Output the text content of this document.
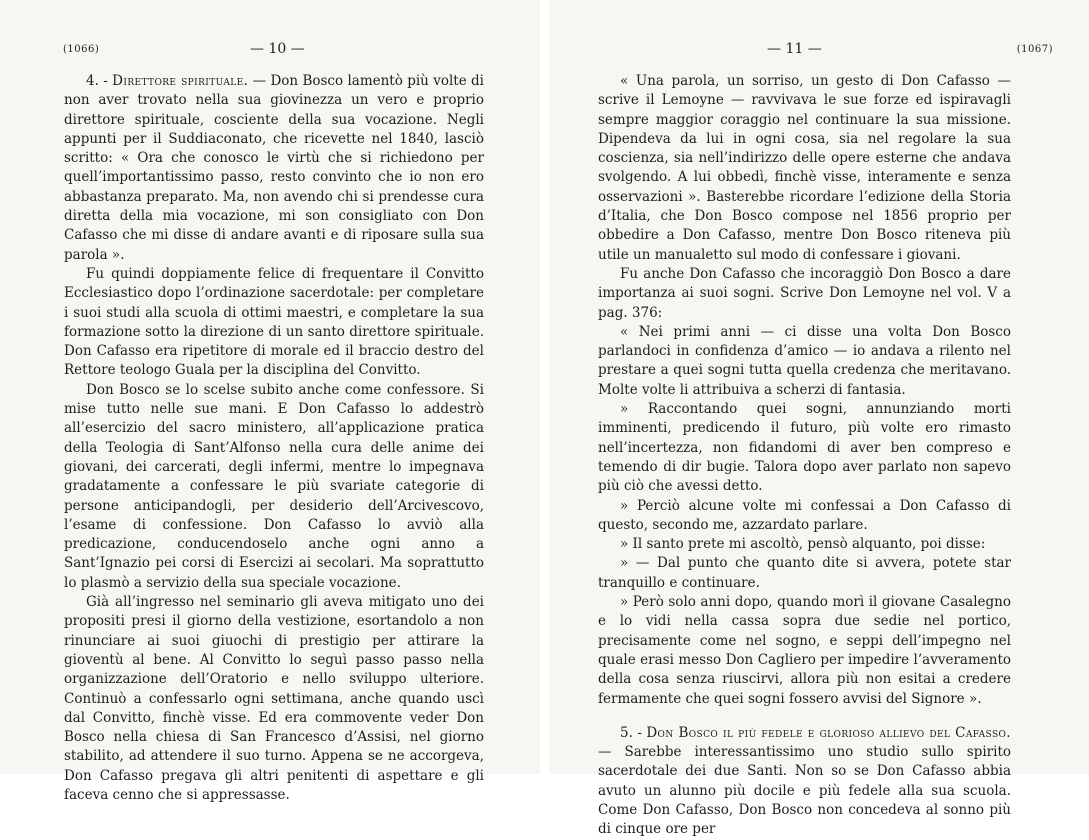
(1066)	— 10 —

4. - Direttore spirituale. — Don Bosco lamentò più volte di non aver trovato nella sua giovinezza un vero e proprio direttore spirituale, cosciente della sua vocazione. Negli appunti per il Suddiaconato, che ricevette nel 1840, lasciò scritto: « Ora che conosco le virtù che si richiedono per quell’importantissimo passo, resto convinto che io non ero abbastanza preparato. Ma, non avendo chi si prendesse cura diretta della mia vocazione, mi son consigliato con Don Cafasso che mi disse di andare avanti e di riposare sulla sua parola ».

Fu quindi doppiamente felice di frequentare il Convitto Ecclesiastico dopo l’ordinazione sacerdotale: per completare i suoi studi alla scuola di ottimi maestri, e completare la sua formazione sotto la direzione di un santo direttore spirituale. Don Cafasso era ripetitore di morale ed il braccio destro del Rettore teologo Guala per la disciplina del Convitto.

Don Bosco se lo scelse subito anche come confessore. Si mise tutto nelle sue mani. E Don Cafasso lo addestrò all’esercizio del sacro ministero, all’applicazione pratica della Teologia di Sant’Alfonso nella cura delle anime dei giovani, dei carcerati, degli infermi, mentre lo impegnava gradatamente a confessare le più svariate categorie di persone anticipandogli, per desiderio dell’Arcivescovo, l’esame di confessione. Don Cafasso lo avviò alla predicazione, conducendoselo anche ogni anno a Sant’Ignazio pei corsi di Esercizi ai secolari. Ma soprattutto lo plasmò a servizio della sua speciale vocazione.

Già all’ingresso nel seminario gli aveva mitigato uno dei propositi presi il giorno della vestizione, esortandolo a non rinunciare ai suoi giuochi di prestigio per attirare la gioventù al bene. Al Convitto lo seguì passo passo nella organizzazione dell’Oratorio e nello sviluppo ulteriore. Continuò a confessarlo ogni settimana, anche quando uscì dal Convitto, finchè visse. Ed era commovente veder Don Bosco nella chiesa di San Francesco d’Assisi, nel giorno stabilito, ad attendere il suo turno. Appena se ne accorgeva, Don Cafasso pregava gli altri penitenti di aspettare e gli faceva cenno che si appressasse.

— 11 —	(1067)

« Una parola, un sorriso, un gesto di Don Cafasso — scrive il Lemoyne — ravvivava le sue forze ed ispiravagli sempre maggior coraggio nel continuare la sua missione. Dipendeva da lui in ogni cosa, sia nel regolare la sua coscienza, sia nell’indirizzo delle opere esterne che andava svolgendo. A lui obbedì, finchè visse, interamente e senza osservazioni ». Basterebbe ricordare l’edizione della Storia d’Italia, che Don Bosco compose nel 1856 proprio per obbedire a Don Cafasso, mentre Don Bosco riteneva più utile un manualetto sul modo di confessare i giovani.

Fu anche Don Cafasso che incoraggiò Don Bosco a dare importanza ai suoi sogni. Scrive Don Lemoyne nel vol. V a pag. 376:

« Nei primi anni — ci disse una volta Don Bosco parlandoci in confidenza d’amico — io andava a rilento nel prestare a quei sogni tutta quella credenza che meritavano. Molte volte li attribuiva a scherzi di fantasia.

» Raccontando quei sogni, annunziando morti imminenti, predicendo il futuro, più volte ero rimasto nell’incertezza, non fidandomi di aver ben compreso e temendo di dir bugie. Talora dopo aver parlato non sapevo più ciò che avessi detto.

» Perciò alcune volte mi confessai a Don Cafasso di questo, secondo me, azzardato parlare.

» Il santo prete mi ascoltò, pensò alquanto, poi disse:

» — Dal punto che quanto dite si avvera, potete star tranquillo e continuare.

» Però solo anni dopo, quando morì il giovane Casalegno e lo vidi nella cassa sopra due sedie nel portico, precisamente come nel sogno, e seppi dell’impegno nel quale erasi messo Don Cagliero per impedire l’avveramento della cosa senza riuscirvi, allora più non esitai a credere fermamente che quei sogni fossero avvisi del Signore ».

5. - Don Bosco il più fedele e glorioso allievo del Cafasso. — Sarebbe interessantissimo uno studio sullo spirito sacerdotale dei due Santi. Non so se Don Cafasso abbia avuto un alunno più docile e più fedele alla sua scuola. Come Don Cafasso, Don Bosco non concedeva al sonno più di cinque ore per
